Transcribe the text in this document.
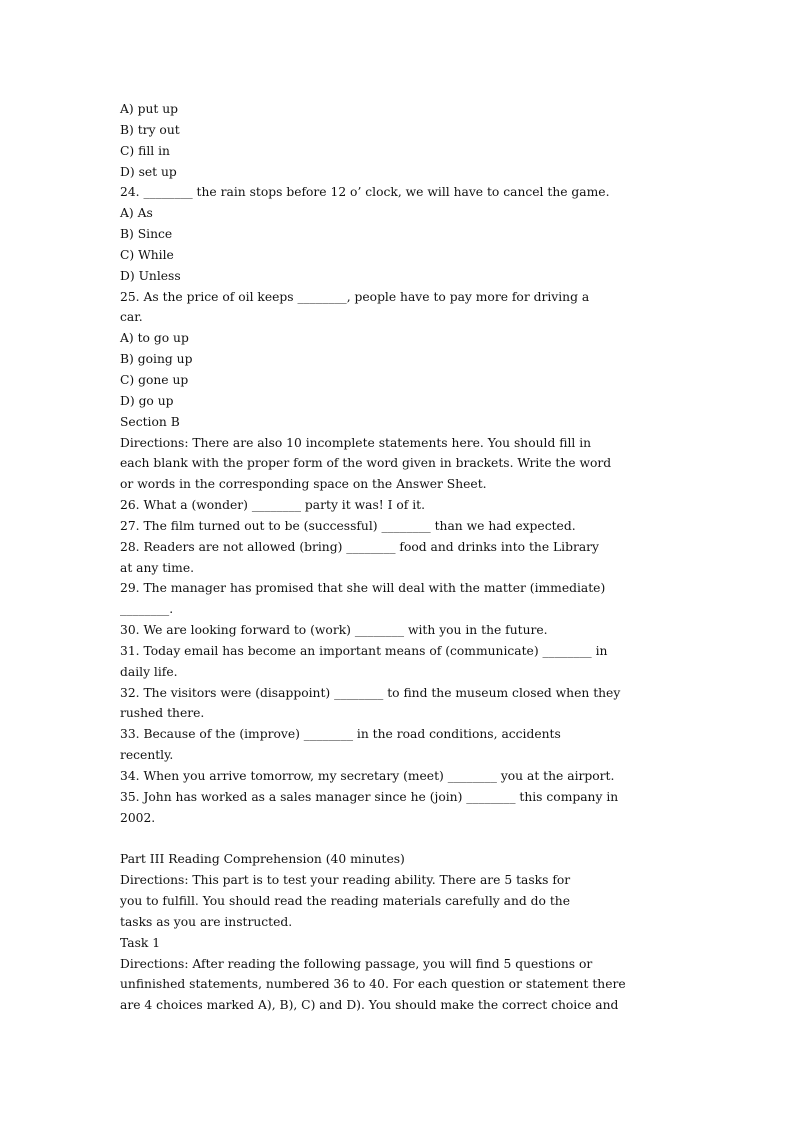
A) put up
B) try out
C) fill in
D) set up
24. ________ the rain stops before 12 o’ clock, we will have to cancel the game.
A) As
B) Since
C) While
D) Unless
25. As the price of oil keeps ________, people have to pay more for driving a
car.
A) to go up
B) going up
C) gone up
D) go up
Section B
Directions: There are also 10 incomplete statements here. You should fill in
each blank with the proper form of the word given in brackets. Write the word
or words in the corresponding space on the Answer Sheet.
26. What a (wonder) ________ party it was! I of it.
27. The film turned out to be (successful) ________ than we had expected.
28. Readers are not allowed (bring) ________ food and drinks into the Library
at any time.
29. The manager has promised that she will deal with the matter (immediate)
________.
30. We are looking forward to (work) ________ with you in the future.
31. Today email has become an important means of (communicate) ________ in
daily life.
32. The visitors were (disappoint) ________ to find the museum closed when they
rushed there.
33. Because of the (improve) ________ in the road conditions, accidents
recently.
34. When you arrive tomorrow, my secretary (meet) ________ you at the airport.
35. John has worked as a sales manager since he (join) ________ this company in
2002.
Part III Reading Comprehension (40 minutes)
Directions: This part is to test your reading ability. There are 5 tasks for
you to fulfill. You should read the reading materials carefully and do the
tasks as you are instructed.
Task 1
Directions: After reading the following passage, you will find 5 questions or
unfinished statements, numbered 36 to 40. For each question or statement there
are 4 choices marked A), B), C) and D). You should make the correct choice and
